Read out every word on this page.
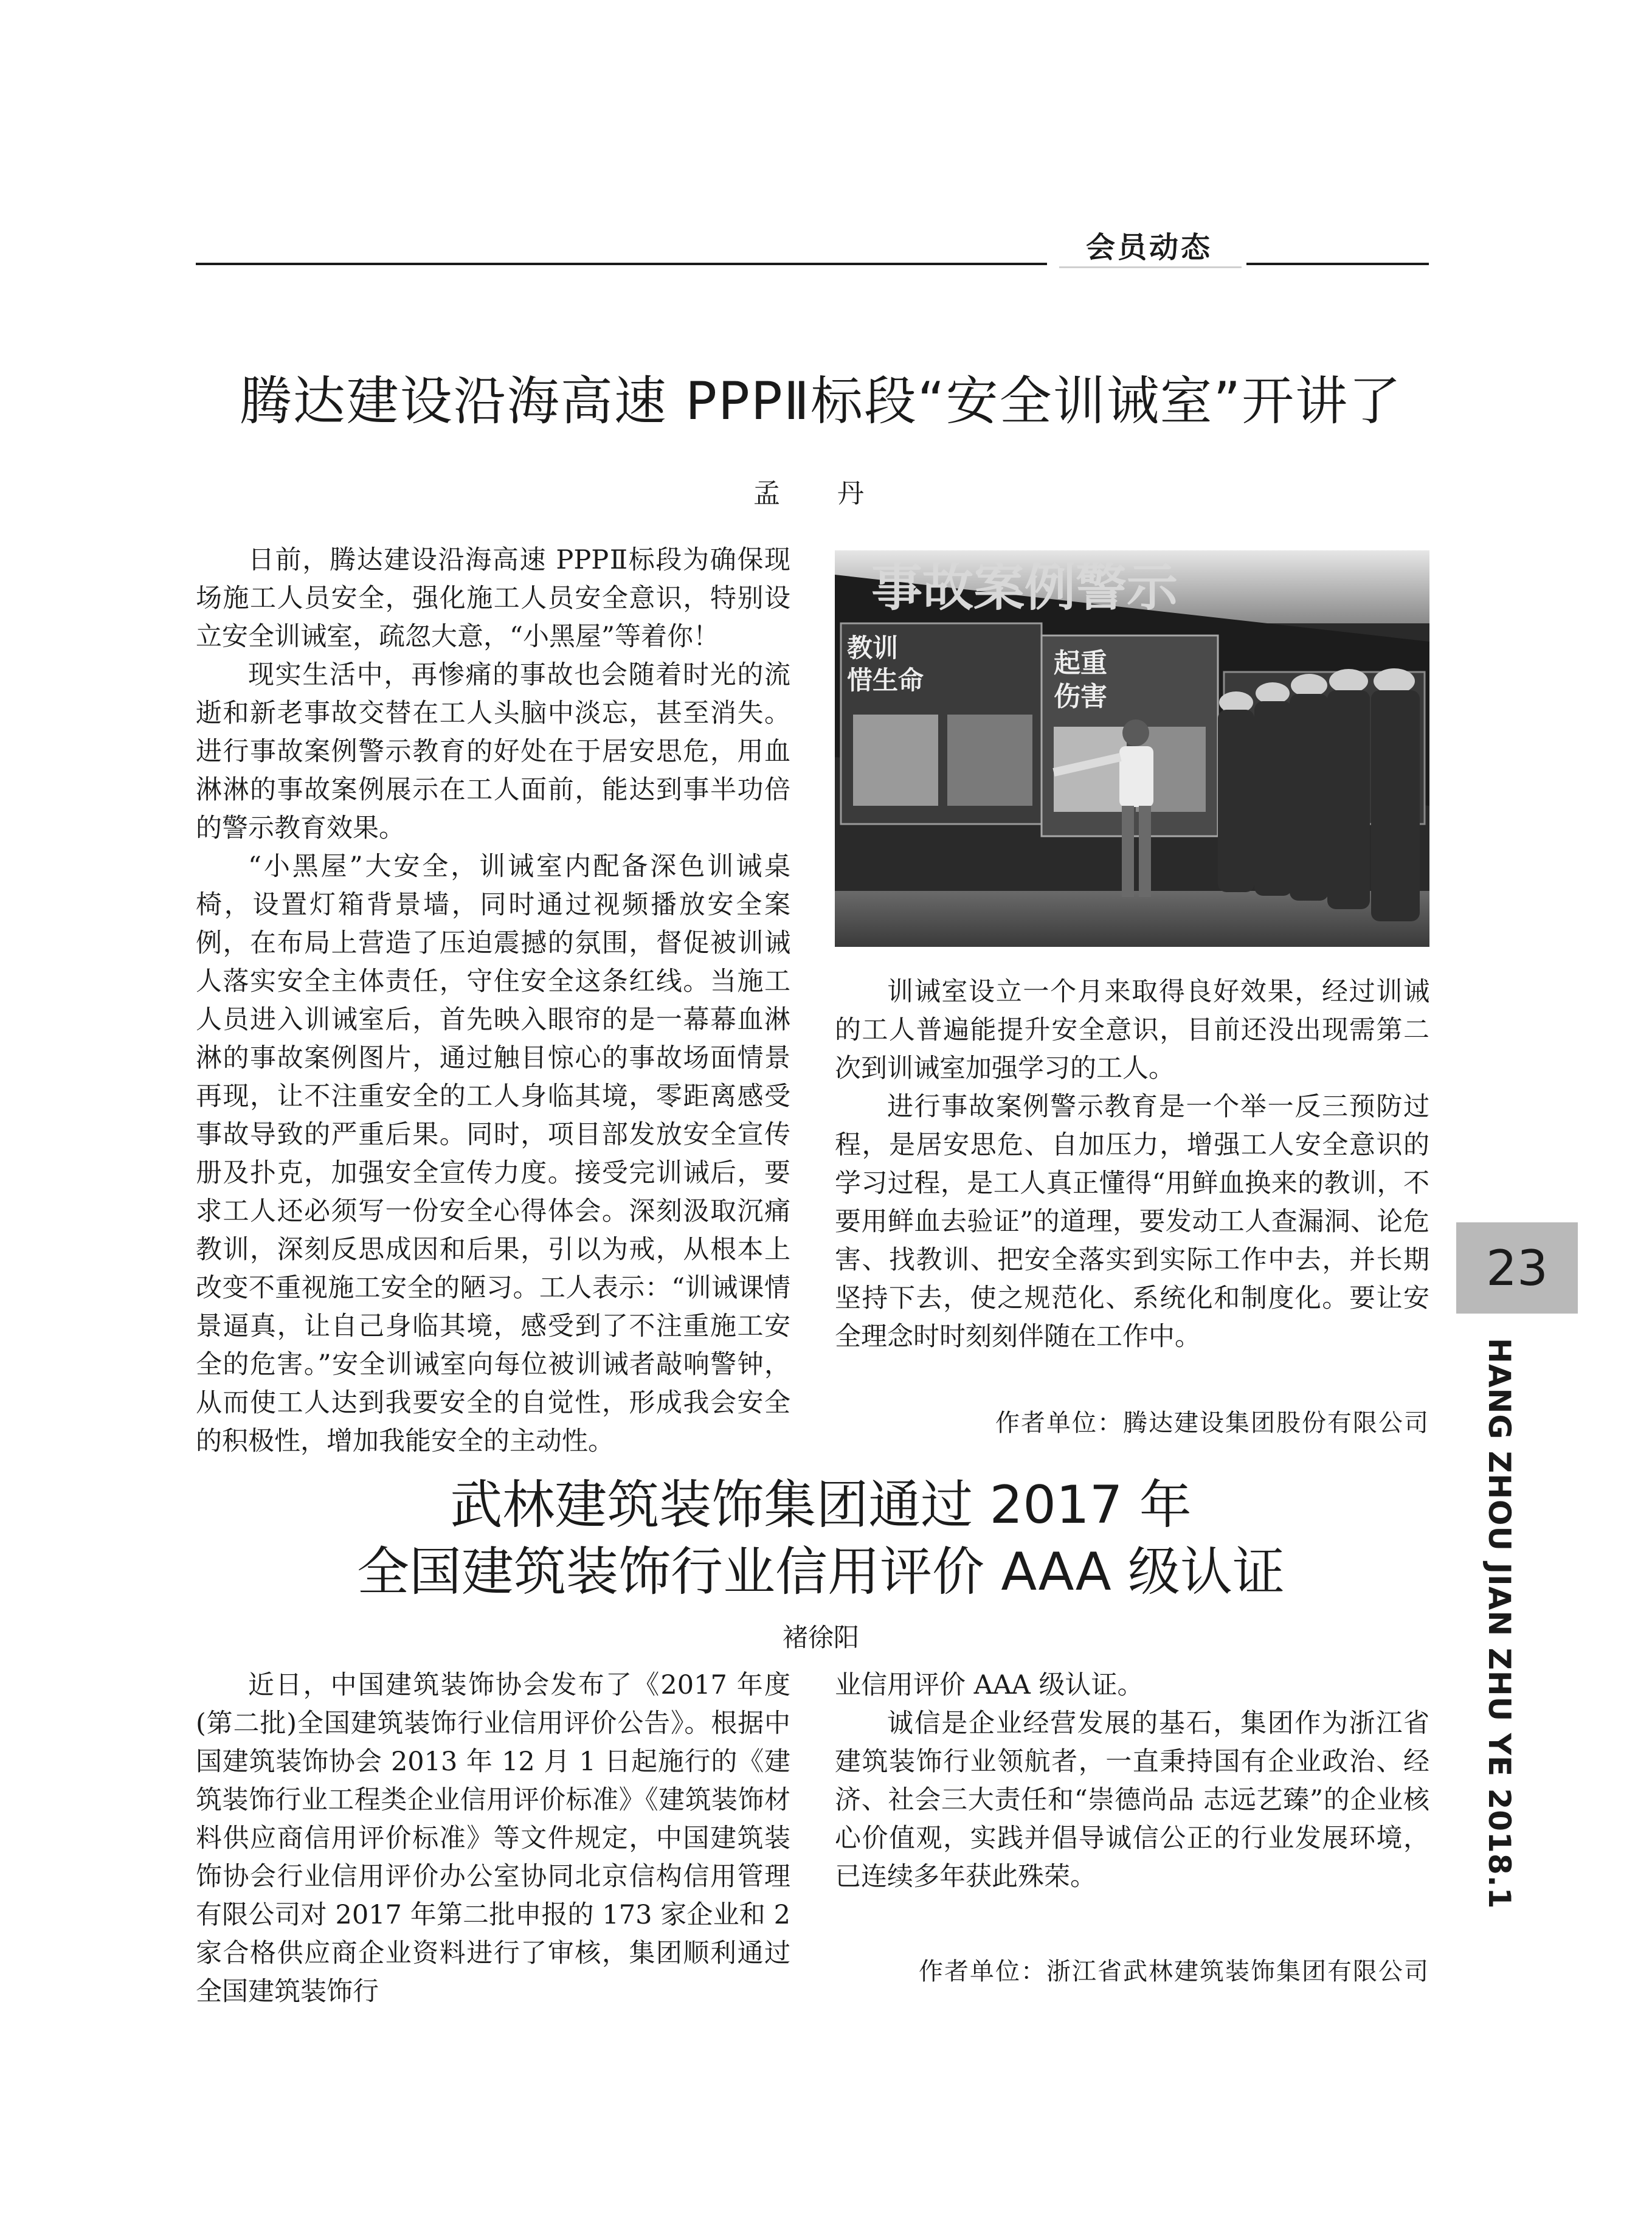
会员动态
腾达建设沿海高速 PPPⅡ标段“安全训诫室”开讲了
孟 丹

日前，腾达建设沿海高速 PPPⅡ标段为确保现场施工人员安全，强化施工人员安全意识，特别设立安全训诫室，疏忽大意，“小黑屋”等着你！

现实生活中，再惨痛的事故也会随着时光的流逝和新老事故交替在工人头脑中淡忘，甚至消失。进行事故案例警示教育的好处在于居安思危，用血淋淋的事故案例展示在工人面前，能达到事半功倍的警示教育效果。

“小黑屋”大安全，训诫室内配备深色训诫桌椅，设置灯箱背景墙，同时通过视频播放安全案例，在布局上营造了压迫震撼的氛围，督促被训诫人落实安全主体责任，守住安全这条红线。当施工人员进入训诫室后，首先映入眼帘的是一幕幕血淋淋的事故案例图片，通过触目惊心的事故场面情景再现，让不注重安全的工人身临其境，零距离感受事故导致的严重后果。同时，项目部发放安全宣传册及扑克，加强安全宣传力度。接受完训诫后，要求工人还必须写一份安全心得体会。深刻汲取沉痛教训，深刻反思成因和后果，引以为戒，从根本上改变不重视施工安全的陋习。工人表示：“训诫课情景逼真，让自己身临其境，感受到了不注重施工安全的危害。”安全训诫室向每位被训诫者敲响警钟，从而使工人达到我要安全的自觉性，形成我会安全的积极性，增加我能安全的主动性。

事故案例警示
教训
惜生命
起重
伤害

训诫室设立一个月来取得良好效果，经过训诫的工人普遍能提升安全意识，目前还没出现需第二次到训诫室加强学习的工人。

进行事故案例警示教育是一个举一反三预防过程，是居安思危、自加压力，增强工人安全意识的学习过程，是工人真正懂得“用鲜血换来的教训，不要用鲜血去验证”的道理，要发动工人查漏洞、论危害、找教训、把安全落实到实际工作中去，并长期坚持下去，使之规范化、系统化和制度化。要让安全理念时时刻刻伴随在工作中。

作者单位：腾达建设集团股份有限公司
23
HANG ZHOU JIAN ZHU YE 2018.1
武林建筑装饰集团通过 2017 年
全国建筑装饰行业信用评价 AAA 级认证
褚徐阳

近日，中国建筑装饰协会发布了《2017 年度(第二批)全国建筑装饰行业信用评价公告》。根据中国建筑装饰协会 2013 年 12 月 1 日起施行的《建筑装饰行业工程类企业信用评价标准》《建筑装饰材料供应商信用评价标准》等文件规定，中国建筑装饰协会行业信用评价办公室协同北京信构信用管理有限公司对 2017 年第二批申报的 173 家企业和 2 家合格供应商企业资料进行了审核，集团顺利通过全国建筑装饰行

业信用评价 AAA 级认证。

诚信是企业经营发展的基石，集团作为浙江省建筑装饰行业领航者，一直秉持国有企业政治、经济、社会三大责任和“崇德尚品 志远艺臻”的企业核心价值观，实践并倡导诚信公正的行业发展环境，已连续多年获此殊荣。

作者单位：浙江省武林建筑装饰集团有限公司
